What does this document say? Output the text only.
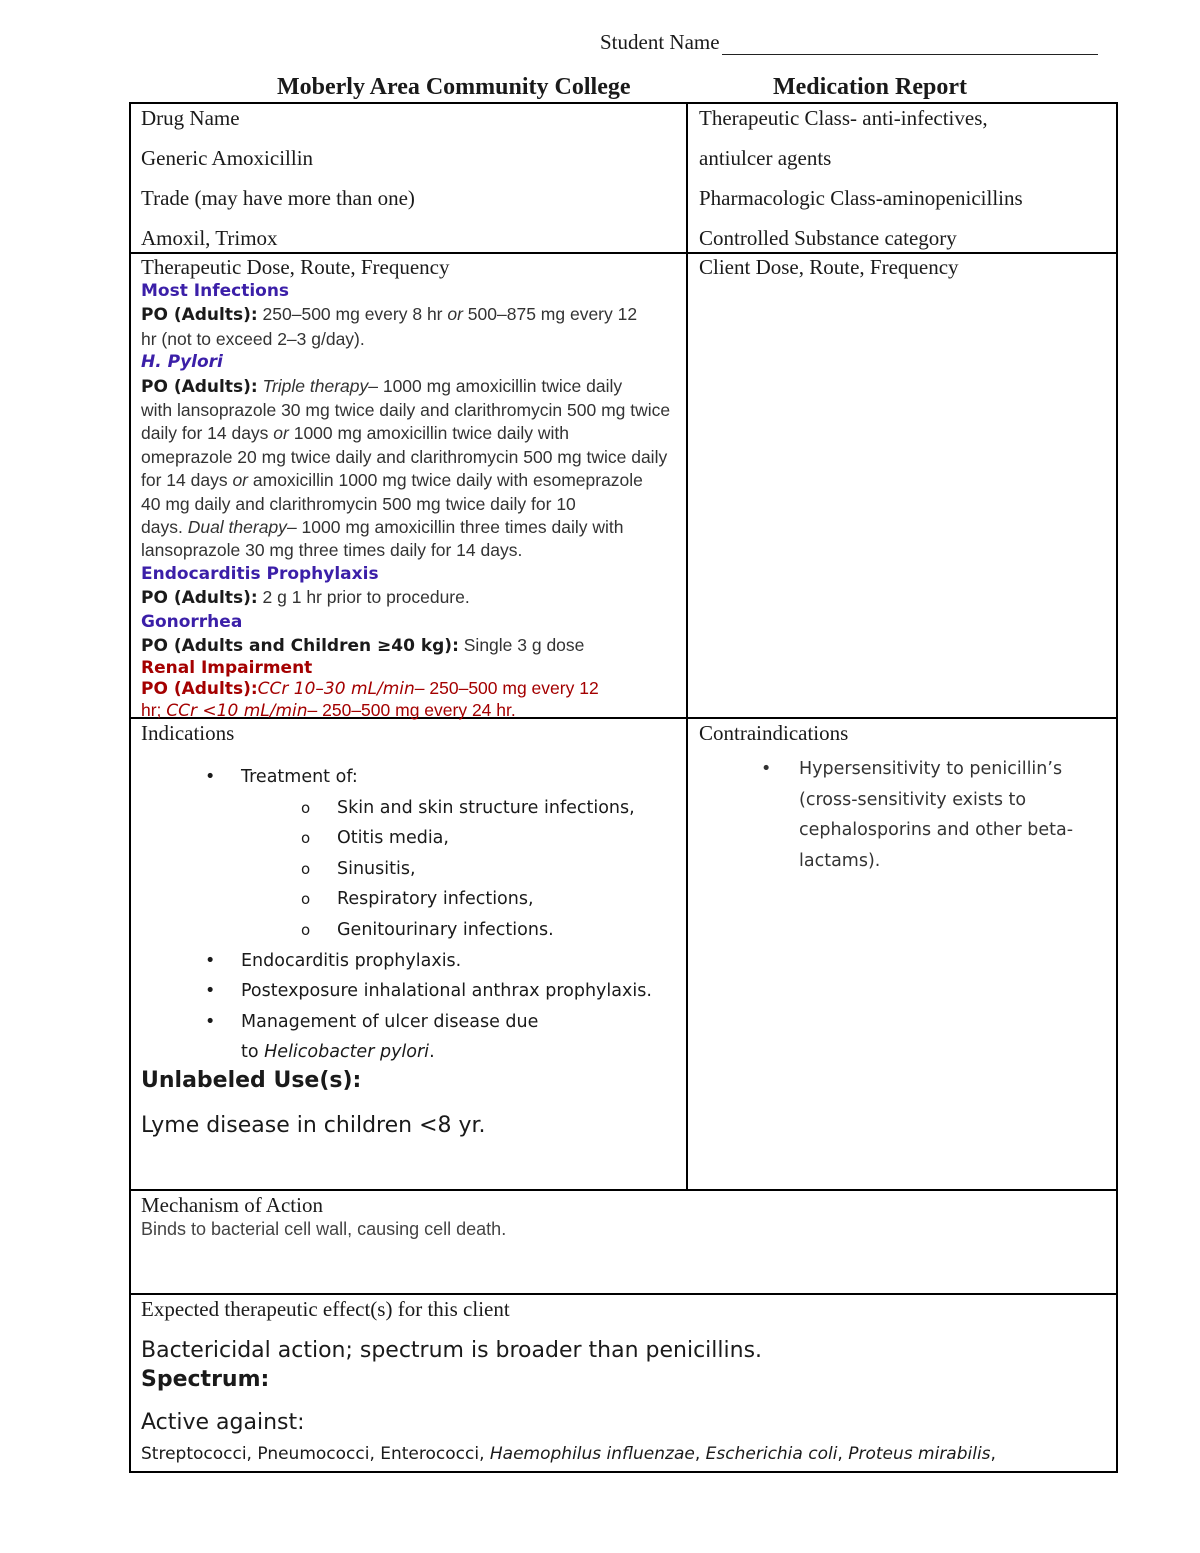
Student Name
Moberly Area Community College	Medication Report
Drug Name
Generic Amoxicillin
Trade (may have more than one)
Amoxil, Trimox
Therapeutic Class- anti-infectives,
antiulcer agents
Pharmacologic Class-aminopenicillins
Controlled Substance category
Therapeutic Dose, Route, Frequency
Most Infections
PO (Adults): 250–500 mg every 8 hr or 500–875 mg every 12
hr (not to exceed 2–3 g/day).
H. Pylori
PO (Adults): Triple therapy– 1000 mg amoxicillin twice daily
with lansoprazole 30 mg twice daily and clarithromycin 500 mg twice
daily for 14 days or 1000 mg amoxicillin twice daily with
omeprazole 20 mg twice daily and clarithromycin 500 mg twice daily
for 14 days or amoxicillin 1000 mg twice daily with esomeprazole
40 mg daily and clarithromycin 500 mg twice daily for 10
days. Dual therapy– 1000 mg amoxicillin three times daily with
lansoprazole 30 mg three times daily for 14 days.
Endocarditis Prophylaxis
PO (Adults): 2 g 1 hr prior to procedure.
Gonorrhea
PO (Adults and Children ≥40 kg): Single 3 g dose
Renal Impairment
PO (Adults):CCr 10–30 mL/min– 250–500 mg every 12
hr; CCr <10 mL/min– 250–500 mg every 24 hr.
Client Dose, Route, Frequency
Indications
• Treatment of:
o Skin and skin structure infections,
o Otitis media,
o Sinusitis,
o Respiratory infections,
o Genitourinary infections.
• Endocarditis prophylaxis.
• Postexposure inhalational anthrax prophylaxis.
• Management of ulcer disease due
to Helicobacter pylori.
Unlabeled Use(s):
Lyme disease in children <8 yr.
Contraindications
• Hypersensitivity to penicillin’s
(cross-sensitivity exists to
cephalosporins and other beta-
lactams).
Mechanism of Action
Binds to bacterial cell wall, causing cell death.
Expected therapeutic effect(s) for this client
Bactericidal action; spectrum is broader than penicillins.
Spectrum:
Active against:
Streptococci, Pneumococci, Enterococci, Haemophilus influenzae, Escherichia coli, Proteus mirabilis,
